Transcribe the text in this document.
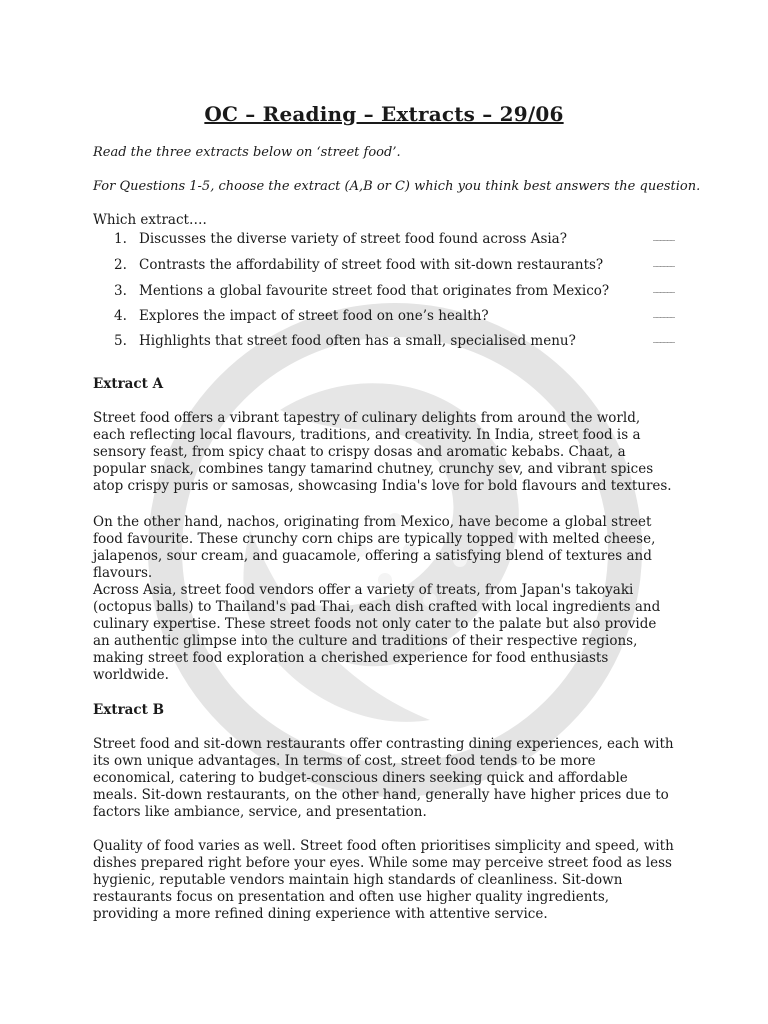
OC – Reading – Extracts – 29/06
Read the three extracts below on ‘street food’.
For Questions 1-5, choose the extract (A,B or C) which you think best answers the question.
Which extract….
1. Discusses the diverse variety of street food found across Asia?	______
2. Contrasts the affordability of street food with sit-down restaurants?	______
3. Mentions a global favourite street food that originates from Mexico?	______
4. Explores the impact of street food on one’s health?	______
5. Highlights that street food often has a small, specialised menu?	______
Extract A
Street food offers a vibrant tapestry of culinary delights from around the world, each reflecting local flavours, traditions, and creativity. In India, street food is a sensory feast, from spicy chaat to crispy dosas and aromatic kebabs. Chaat, a popular snack, combines tangy tamarind chutney, crunchy sev, and vibrant spices atop crispy puris or samosas, showcasing India's love for bold flavours and textures.
On the other hand, nachos, originating from Mexico, have become a global street food favourite. These crunchy corn chips are typically topped with melted cheese, jalapenos, sour cream, and guacamole, offering a satisfying blend of textures and flavours.
Across Asia, street food vendors offer a variety of treats, from Japan's takoyaki (octopus balls) to Thailand's pad Thai, each dish crafted with local ingredients and culinary expertise. These street foods not only cater to the palate but also provide an authentic glimpse into the culture and traditions of their respective regions, making street food exploration a cherished experience for food enthusiasts worldwide.
Extract B
Street food and sit-down restaurants offer contrasting dining experiences, each with its own unique advantages. In terms of cost, street food tends to be more economical, catering to budget-conscious diners seeking quick and affordable meals. Sit-down restaurants, on the other hand, generally have higher prices due to factors like ambiance, service, and presentation.
Quality of food varies as well. Street food often prioritises simplicity and speed, with dishes prepared right before your eyes. While some may perceive street food as less hygienic, reputable vendors maintain high standards of cleanliness. Sit-down restaurants focus on presentation and often use higher quality ingredients, providing a more refined dining experience with attentive service.
